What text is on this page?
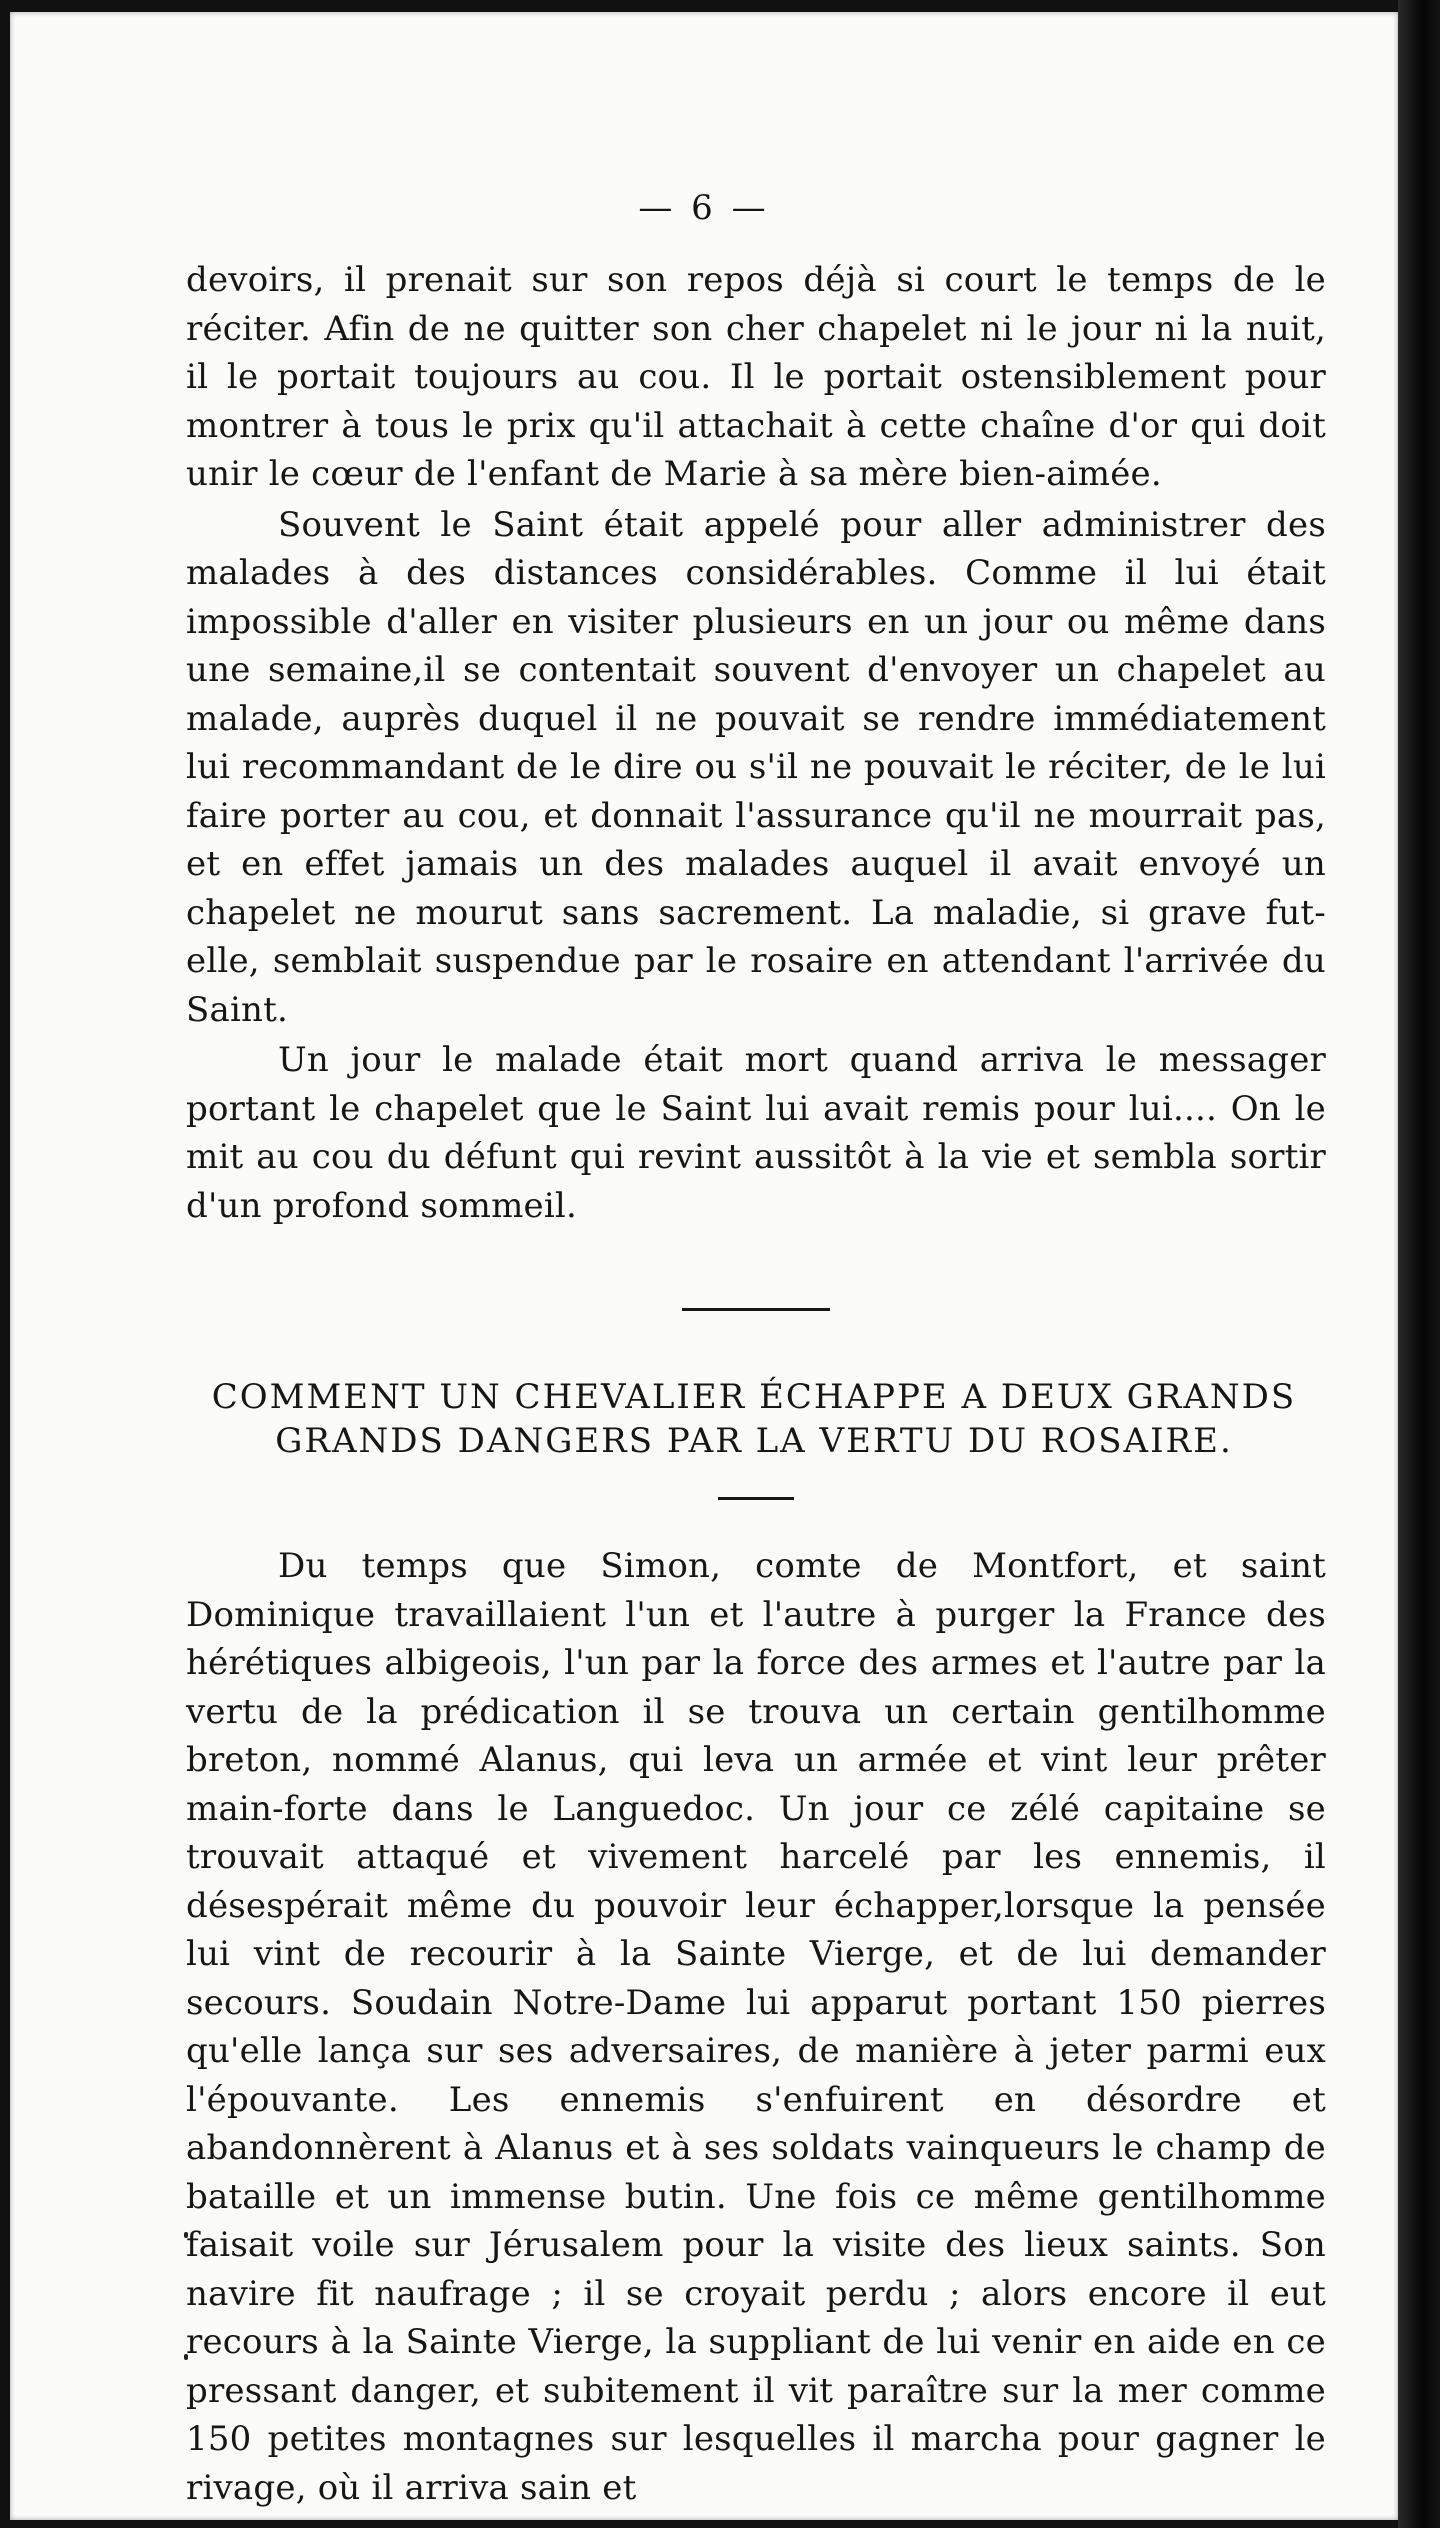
— 6 —

devoirs, il prenait sur son repos déjà si court le temps de le réciter. Afin de ne quitter son cher chapelet ni le jour ni la nuit, il le portait toujours au cou. Il le portait ostensiblement pour montrer à tous le prix qu'il attachait à cette chaîne d'or qui doit unir le cœur de l'enfant de Marie à sa mère bien-aimée.

Souvent le Saint était appelé pour aller administrer des malades à des distances considérables. Comme il lui était impossible d'aller en visiter plusieurs en un jour ou même dans une semaine,il se contentait souvent d'envoyer un chapelet au malade, auprès duquel il ne pouvait se rendre immédiatement lui recommandant de le dire ou s'il ne pouvait le réciter, de le lui faire porter au cou, et donnait l'assurance qu'il ne mourrait pas, et en effet jamais un des malades auquel il avait envoyé un chapelet ne mourut sans sacrement. La maladie, si grave fut-elle, semblait suspendue par le rosaire en attendant l'arrivée du Saint.

Un jour le malade était mort quand arriva le messager portant le chapelet que le Saint lui avait remis pour lui.... On le mit au cou du défunt qui revint aussitôt à la vie et sembla sortir d'un profond sommeil.

COMMENT UN CHEVALIER ÉCHAPPE A DEUX GRANDS
GRANDS DANGERS PAR LA VERTU DU ROSAIRE.

Du temps que Simon, comte de Montfort, et saint Dominique travaillaient l'un et l'autre à purger la France des hérétiques albigeois, l'un par la force des armes et l'autre par la vertu de la prédication il se trouva un certain gentilhomme breton, nommé Alanus, qui leva un armée et vint leur prêter main-forte dans le Languedoc. Un jour ce zélé capitaine se trouvait attaqué et vivement harcelé par les ennemis, il désespérait même du pouvoir leur échapper,lorsque la pensée lui vint de recourir à la Sainte Vierge, et de lui demander secours. Soudain Notre-Dame lui apparut portant 150 pierres qu'elle lança sur ses adversaires, de manière à jeter parmi eux l'épouvante. Les ennemis s'enfuirent en désordre et abandonnèrent à Alanus et à ses soldats vainqueurs le champ de bataille et un immense butin. Une fois ce même gentilhomme faisait voile sur Jérusalem pour la visite des lieux saints. Son navire fit naufrage ; il se croyait perdu ; alors encore il eut recours à la Sainte Vierge, la suppliant de lui venir en aide en ce pressant danger, et subitement il vit paraître sur la mer comme 150 petites montagnes sur lesquelles il marcha pour gagner le rivage, où il arriva sain et
